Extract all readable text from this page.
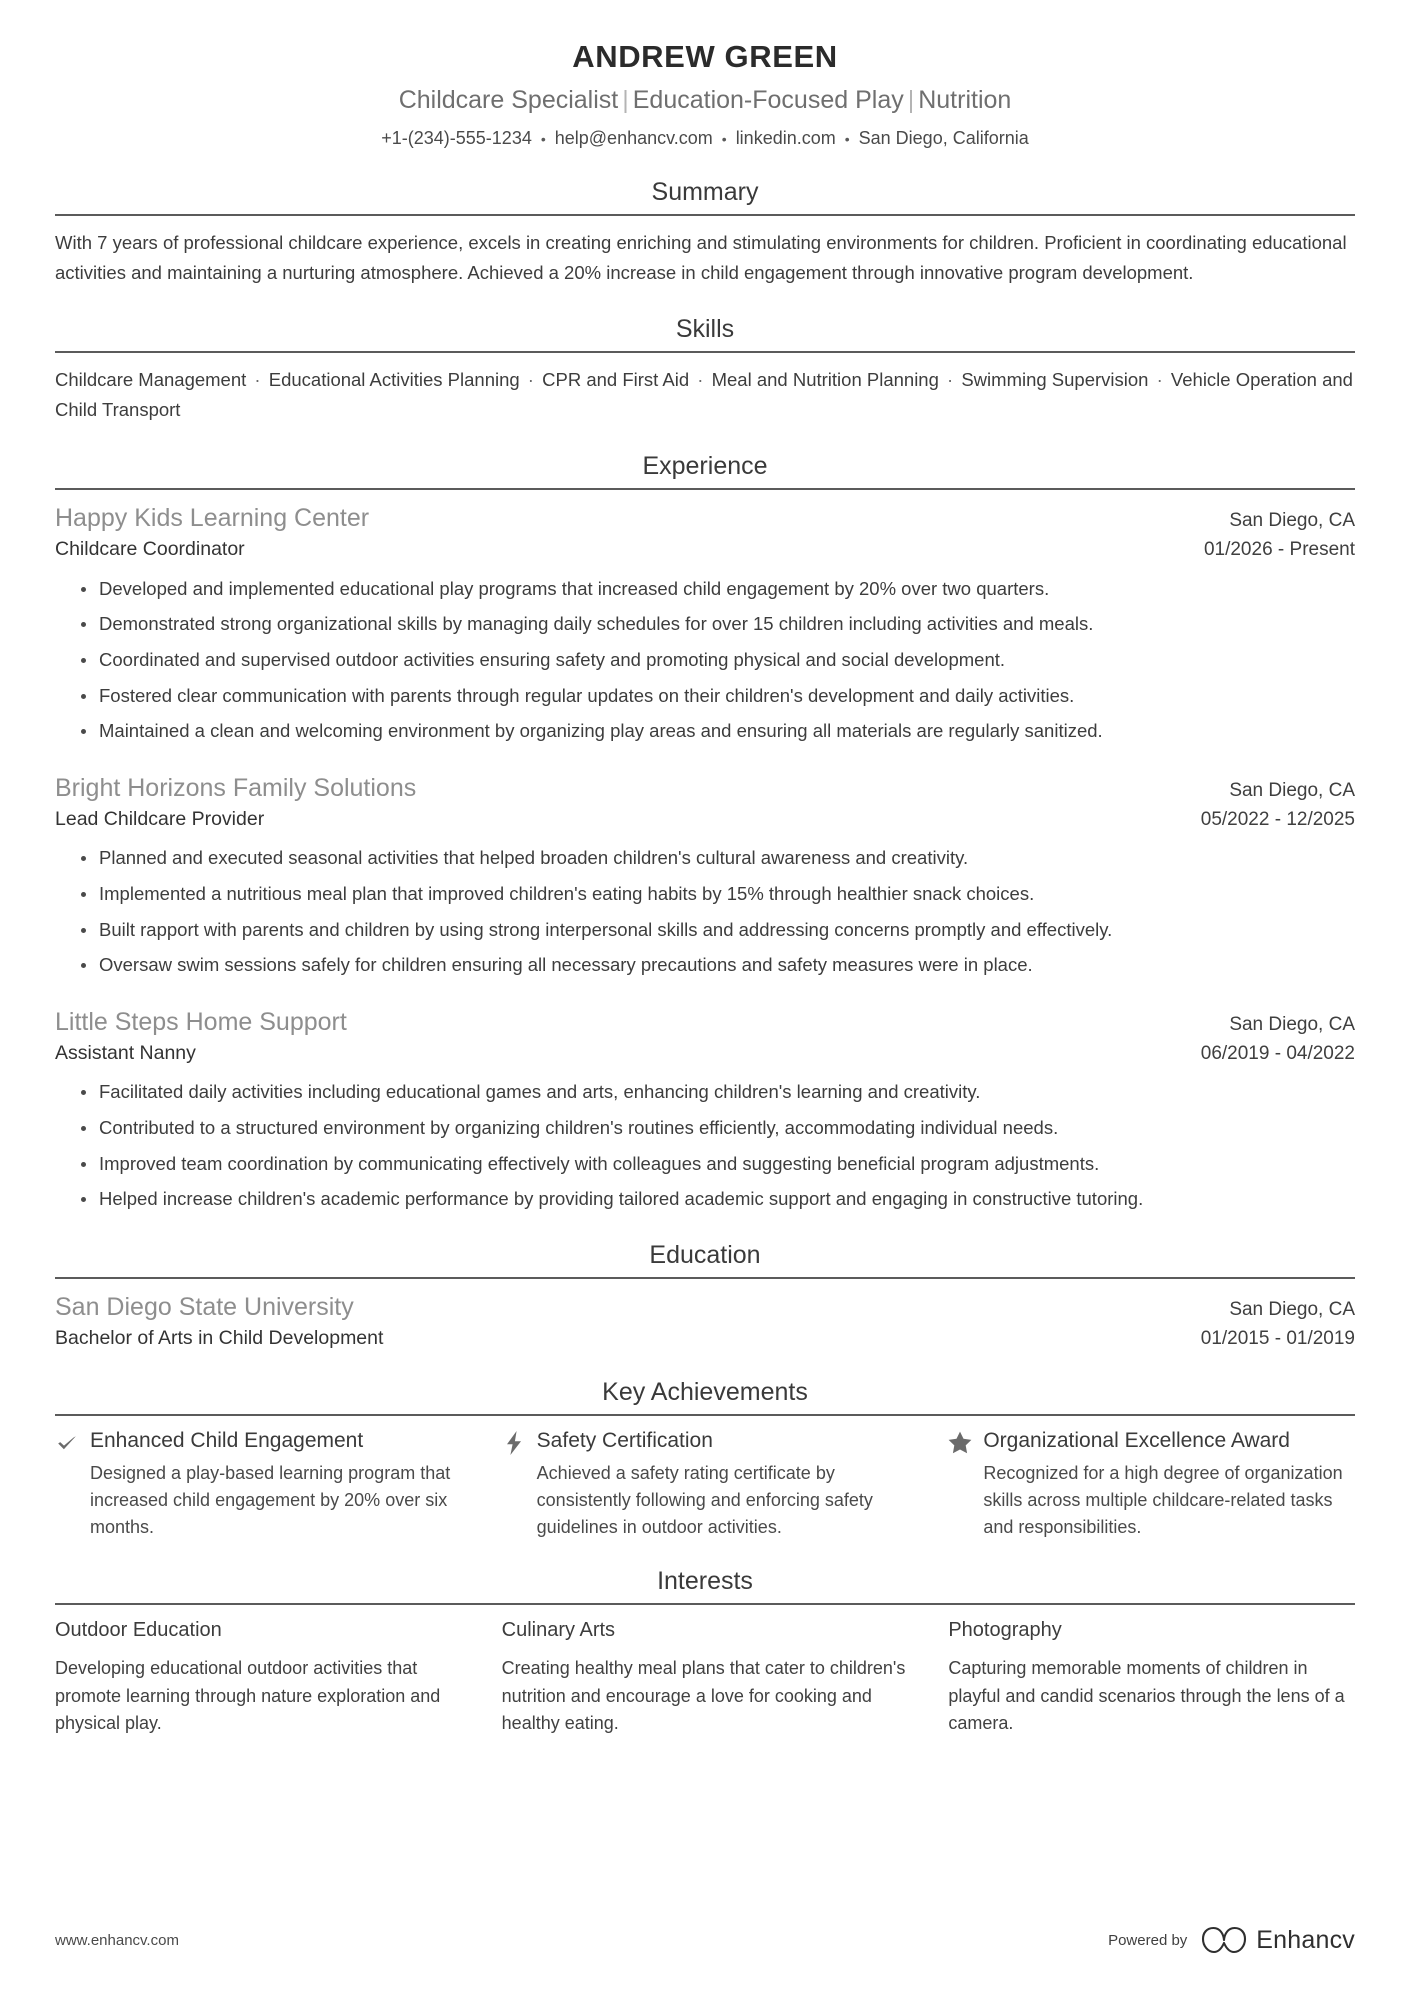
ANDREW GREEN
Childcare Specialist | Education-Focused Play | Nutrition
+1-(234)-555-1234 • help@enhancv.com • linkedin.com • San Diego, California
Summary
With 7 years of professional childcare experience, excels in creating enriching and stimulating environments for children. Proficient in coordinating educational activities and maintaining a nurturing atmosphere. Achieved a 20% increase in child engagement through innovative program development.
Skills
Childcare Management · Educational Activities Planning · CPR and First Aid · Meal and Nutrition Planning · Swimming Supervision · Vehicle Operation and Child Transport
Experience
Happy Kids Learning Center	San Diego, CA
Childcare Coordinator	01/2026 - Present
Developed and implemented educational play programs that increased child engagement by 20% over two quarters.
Demonstrated strong organizational skills by managing daily schedules for over 15 children including activities and meals.
Coordinated and supervised outdoor activities ensuring safety and promoting physical and social development.
Fostered clear communication with parents through regular updates on their children's development and daily activities.
Maintained a clean and welcoming environment by organizing play areas and ensuring all materials are regularly sanitized.
Bright Horizons Family Solutions	San Diego, CA
Lead Childcare Provider	05/2022 - 12/2025
Planned and executed seasonal activities that helped broaden children's cultural awareness and creativity.
Implemented a nutritious meal plan that improved children's eating habits by 15% through healthier snack choices.
Built rapport with parents and children by using strong interpersonal skills and addressing concerns promptly and effectively.
Oversaw swim sessions safely for children ensuring all necessary precautions and safety measures were in place.
Little Steps Home Support	San Diego, CA
Assistant Nanny	06/2019 - 04/2022
Facilitated daily activities including educational games and arts, enhancing children's learning and creativity.
Contributed to a structured environment by organizing children's routines efficiently, accommodating individual needs.
Improved team coordination by communicating effectively with colleagues and suggesting beneficial program adjustments.
Helped increase children's academic performance by providing tailored academic support and engaging in constructive tutoring.
Education
San Diego State University	San Diego, CA
Bachelor of Arts in Child Development	01/2015 - 01/2019
Key Achievements
Enhanced Child Engagement
Designed a play-based learning program that increased child engagement by 20% over six months.
Safety Certification
Achieved a safety rating certificate by consistently following and enforcing safety guidelines in outdoor activities.
Organizational Excellence Award
Recognized for a high degree of organization skills across multiple childcare-related tasks and responsibilities.
Interests
Outdoor Education
Developing educational outdoor activities that promote learning through nature exploration and physical play.
Culinary Arts
Creating healthy meal plans that cater to children's nutrition and encourage a love for cooking and healthy eating.
Photography
Capturing memorable moments of children in playful and candid scenarios through the lens of a camera.
www.enhancv.com	Powered by	Enhancv
